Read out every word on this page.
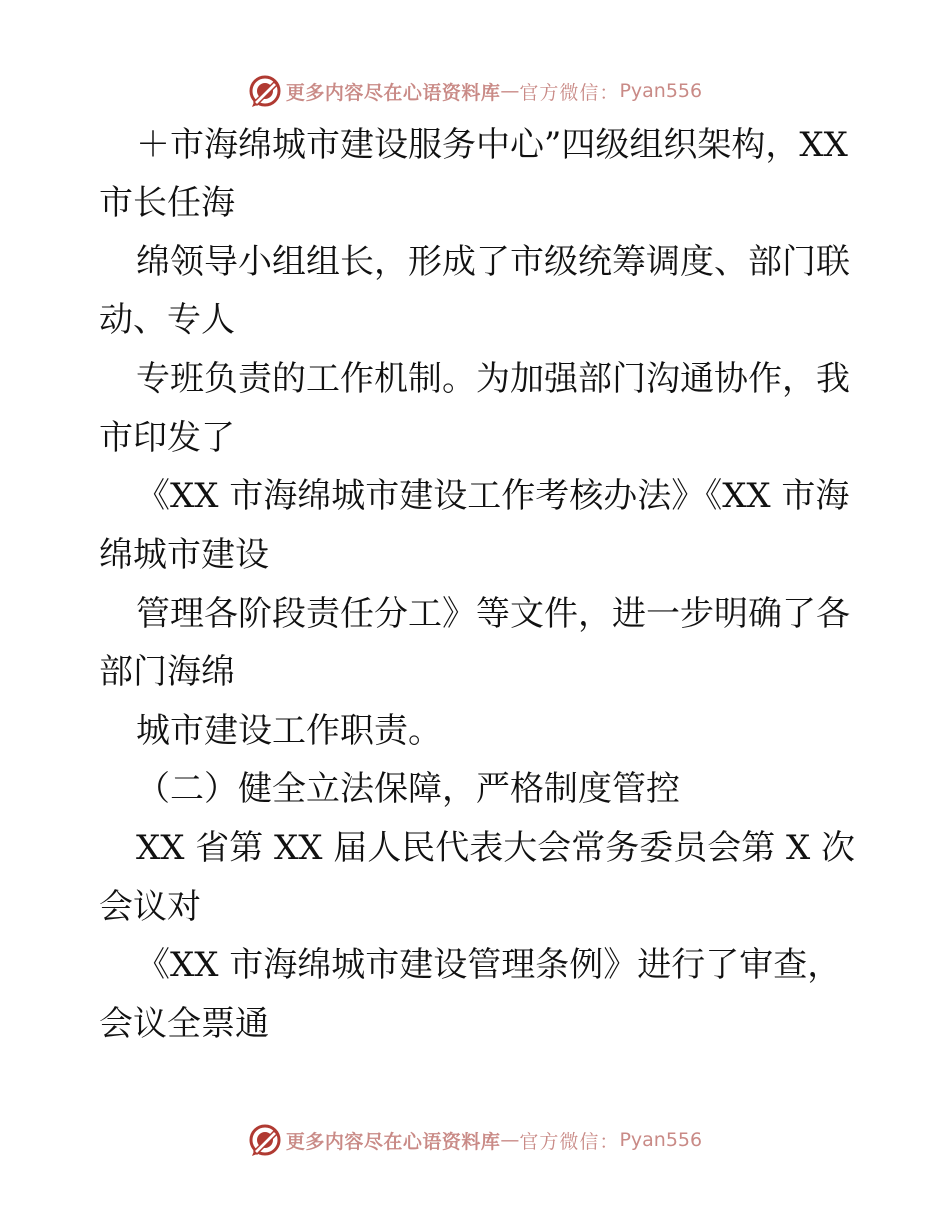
更多内容尽在心语资料库 — 官方微信： Pyan556
＋市海绵城市建设服务中心”四级组织架构，XX
市长任海
绵领导小组组长，形成了市级统筹调度、部门联
动、专人
专班负责的工作机制。为加强部门沟通协作，我
市印发了
《XX 市海绵城市建设工作考核办法》《XX 市海
绵城市建设
管理各阶段责任分工》等文件，进一步明确了各
部门海绵
城市建设工作职责。
（二）健全立法保障，严格制度管控
XX 省第 XX 届人民代表大会常务委员会第 X 次
会议对
《XX 市海绵城市建设管理条例》进行了审查，
会议全票通
更多内容尽在心语资料库 — 官方微信： Pyan556
